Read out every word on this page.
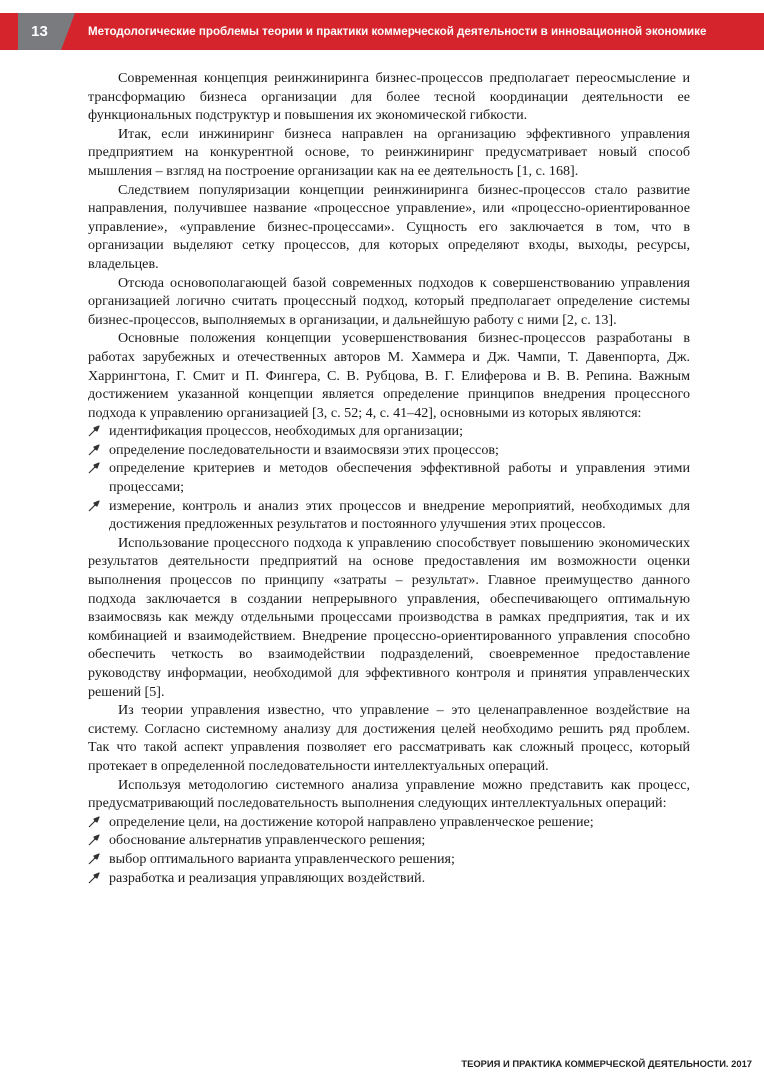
13	Методологические проблемы теории и практики коммерческой деятельности в инновационной экономике

Современная концепция реинжиниринга бизнес-процессов предполагает переосмысление и трансформацию бизнеса организации для более тесной координации деятельности ее функциональных подструктур и повышения их экономической гибкости.

Итак, если инжиниринг бизнеса направлен на организацию эффективного управления предприятием на конкурентной основе, то реинжиниринг предусматривает новый способ мышления – взгляд на построение организации как на ее деятельность [1, с. 168].

Следствием популяризации концепции реинжиниринга бизнес-процессов стало развитие направления, получившее название «процессное управление», или «процессно-ориентированное управление», «управление бизнес-процессами». Сущность его заключается в том, что в организации выделяют сетку процессов, для которых определяют входы, выходы, ресурсы, владельцев.

Отсюда основополагающей базой современных подходов к совершенствованию управления организацией логично считать процессный подход, который предполагает определение системы бизнес-процессов, выполняемых в организации, и дальнейшую работу с ними [2, с. 13].

Основные положения концепции усовершенствования бизнес-процессов разработаны в работах зарубежных и отечественных авторов М. Хаммера и Дж. Чампи, Т. Давенпорта, Дж. Харрингтона, Г. Смит и П. Фингера, С. В. Рубцова, В. Г. Елиферова и В. В. Репина. Важным достижением указанной концепции является определение принципов внедрения процессного подхода к управлению организацией [3, с. 52; 4, с. 41–42], основными из которых являются:

идентификация процессов, необходимых для организации;
определение последовательности и взаимосвязи этих процессов;
определение критериев и методов обеспечения эффективной работы и управления этими процессами;
измерение, контроль и анализ этих процессов и внедрение мероприятий, необходимых для достижения предложенных результатов и постоянного улучшения этих процессов.

Использование процессного подхода к управлению способствует повышению экономических результатов деятельности предприятий на основе предоставления им возможности оценки выполнения процессов по принципу «затраты – результат». Главное преимущество данного подхода заключается в создании непрерывного управления, обеспечивающего оптимальную взаимосвязь как между отдельными процессами производства в рамках предприятия, так и их комбинацией и взаимодействием. Внедрение процессно-ориентированного управления способно обеспечить четкость во взаимодействии подразделений, своевременное предоставление руководству информации, необходимой для эффективного контроля и принятия управленческих решений [5].

Из теории управления известно, что управление – это целенаправленное воздействие на систему. Согласно системному анализу для достижения целей необходимо решить ряд проблем. Так что такой аспект управления позволяет его рассматривать как сложный процесс, который протекает в определенной последовательности интеллектуальных операций.

Используя методологию системного анализа управление можно представить как процесс, предусматривающий последовательность выполнения следующих интеллектуальных операций:

определение цели, на достижение которой направлено управленческое решение;
обоснование альтернатив управленческого решения;
выбор оптимального варианта управленческого решения;
разработка и реализация управляющих воздействий.
ТЕОРИЯ И ПРАКТИКА КОММЕРЧЕСКОЙ ДЕЯТЕЛЬНОСТИ. 2017
